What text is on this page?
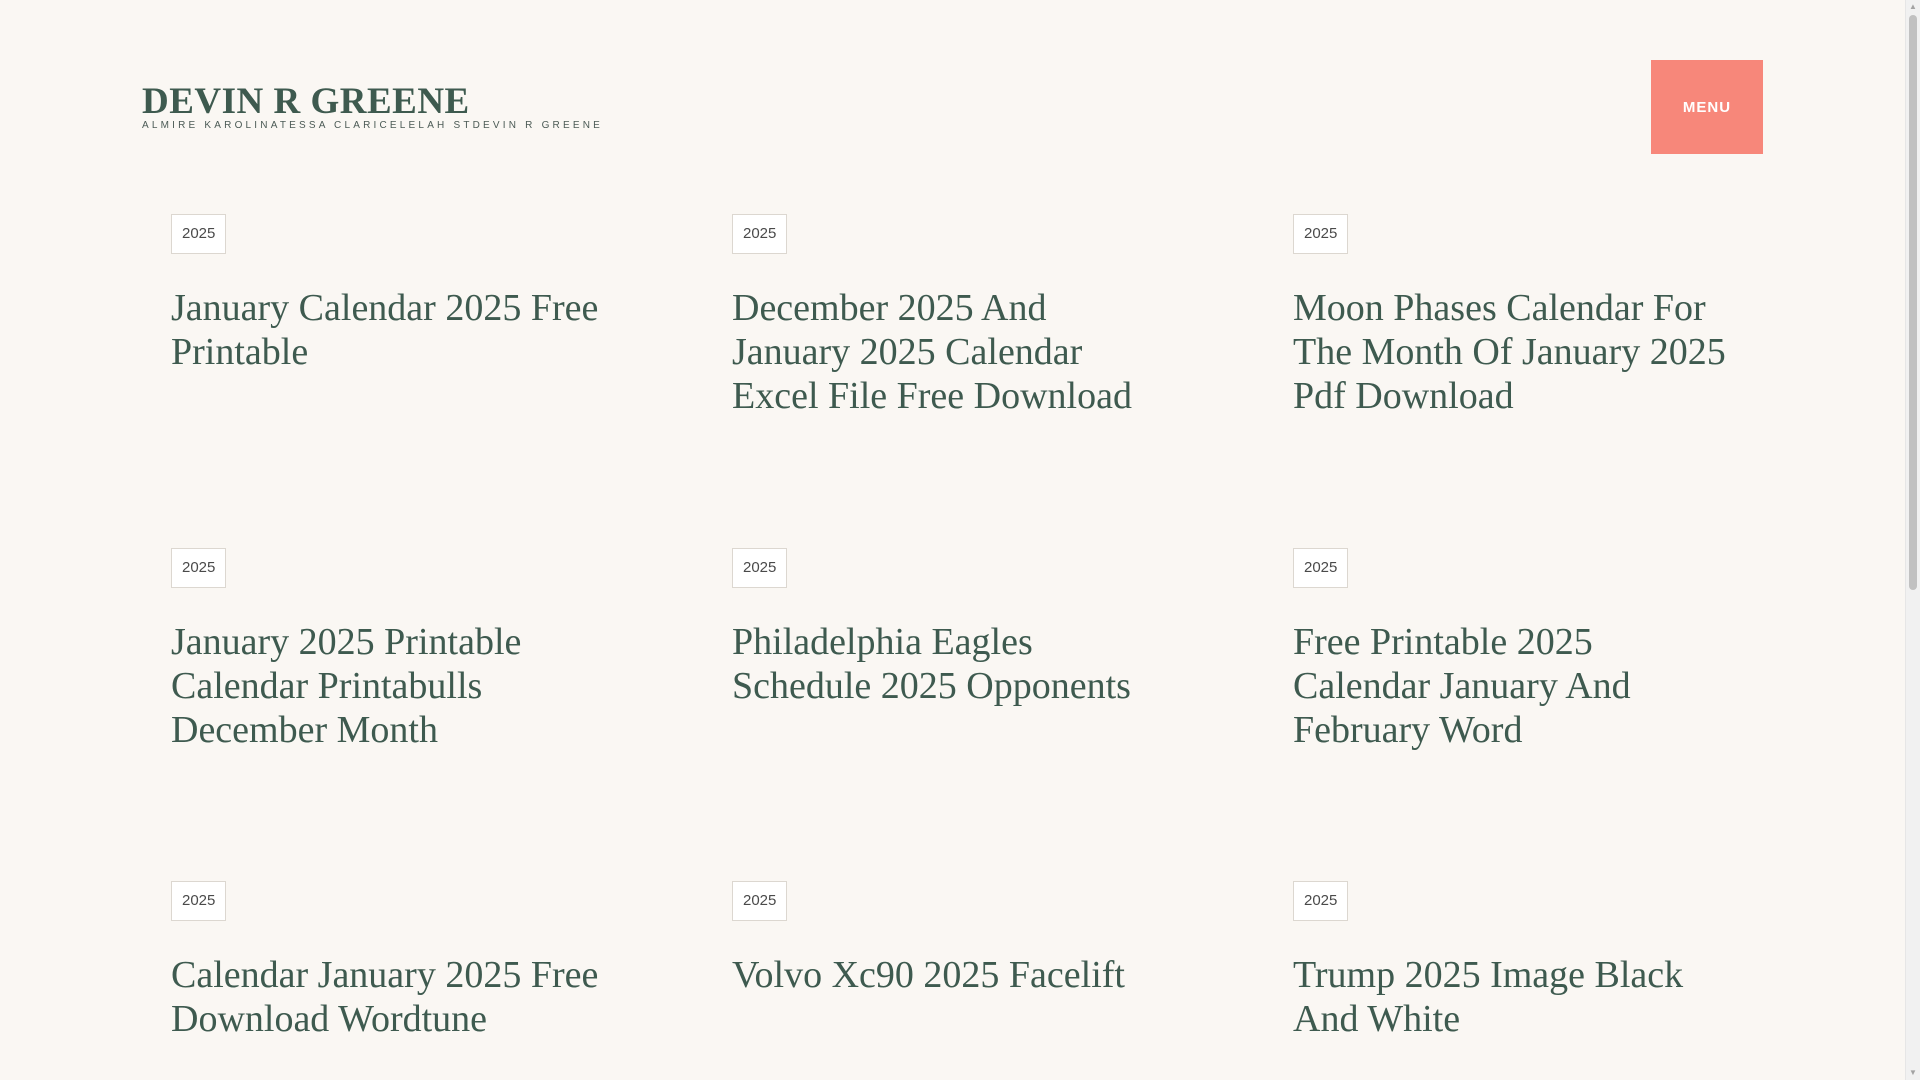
DEVIN R GREENE

ALMIRE KAROLINATESSA CLARICELELAH STDEVIN R GREENE

MENU
2025
January Calendar 2025 Free Printable
2025
December 2025 And January 2025 Calendar Excel File Free Download
2025
Moon Phases Calendar For The Month Of January 2025 Pdf Download
2025
January 2025 Printable Calendar Printabulls December Month
2025
Philadelphia Eagles Schedule 2025 Opponents
2025
Free Printable 2025 Calendar January And February Word
2025
Calendar January 2025 Free Download Wordtune
2025
Volvo Xc90 2025 Facelift
2025
Trump 2025 Image Black And White
▲
▼
